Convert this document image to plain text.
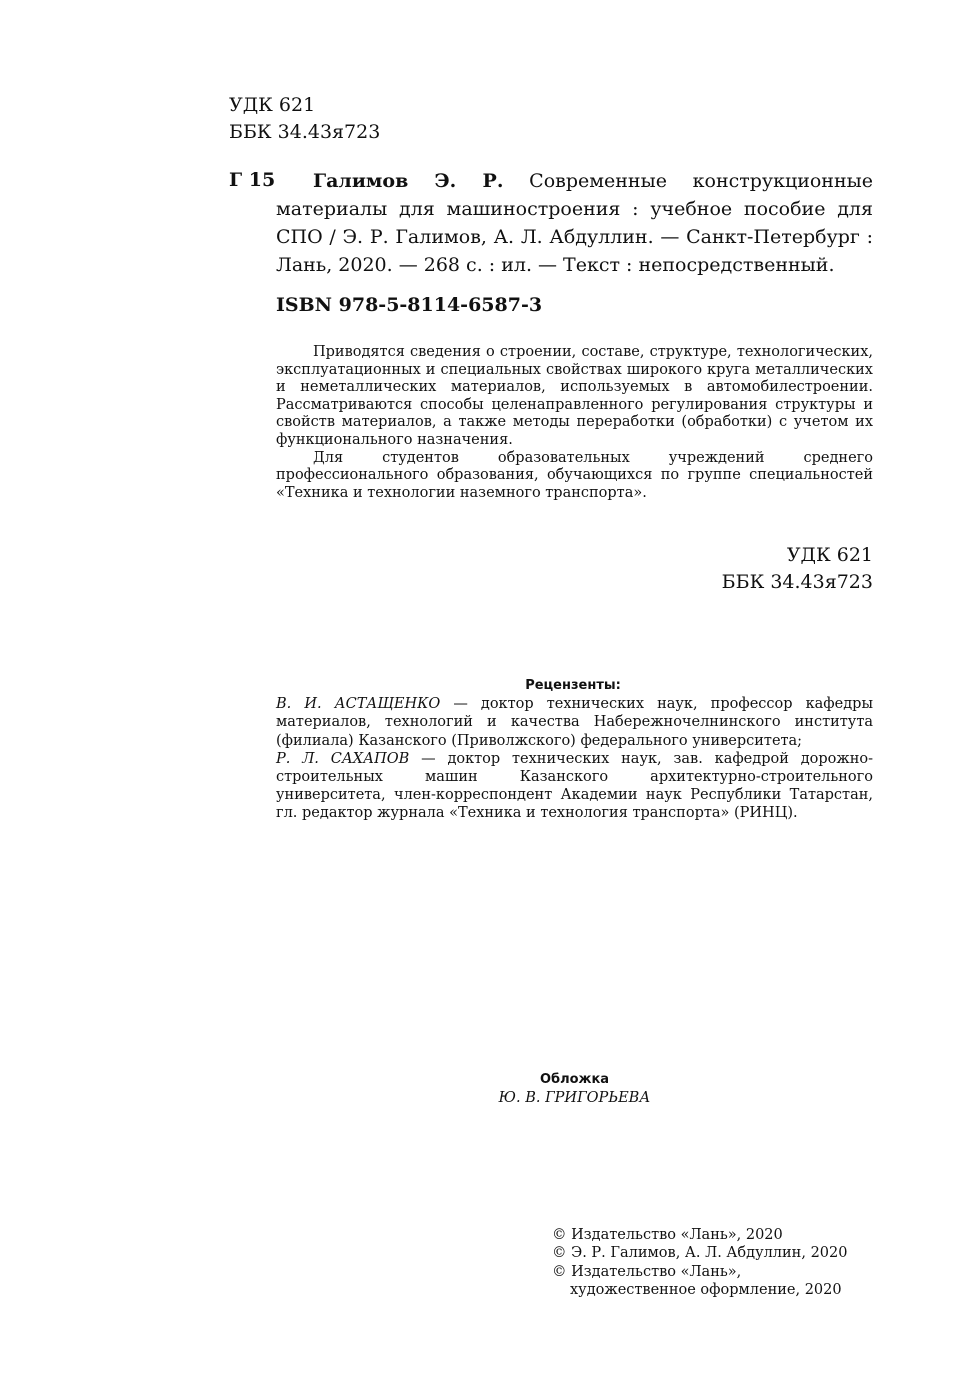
УДК 621
ББК 34.43я723
Г 15	Галимов Э. Р. Современные конструкционные материалы для машиностроения : учебное пособие для СПО / Э. Р. Галимов, А. Л. Абдуллин. — Санкт-Петербург : Лань, 2020. — 268 с. : ил. — Текст : непосредственный.
ISBN 978-5-8114-6587-3

Приводятся сведения о строении, составе, структуре, технологических, эксплуатационных и специальных свойствах широкого круга металлических и неметаллических материалов, используемых в автомобилестроении. Рассматриваются способы целенаправленного регулирования структуры и свойств материалов, а также методы переработки (обработки) с учетом их функционального назначения.

Для студентов образовательных учреждений среднего профессионального образования, обучающихся по группе специальностей «Техника и технологии наземного транспорта».

УДК 621
ББК 34.43я723
Рецензенты:

В. И. АСТАЩЕНКО — доктор технических наук, профессор кафедры материалов, технологий и качества Набережночелнинского института (филиала) Казанского (Приволжского) федерального университета;

Р. Л. САХАПОВ — доктор технических наук, зав. кафедрой дорожно-строительных машин Казанского архитектурно-строительного университета, член-корреспондент Академии наук Республики Татарстан, гл. редактор журнала «Техника и технология транспорта» (РИНЦ).

Обложка
Ю. В. ГРИГОРЬЕВА
© Издательство «Лань», 2020
© Э. Р. Галимов, А. Л. Абдуллин, 2020
© Издательство «Лань»,
художественное оформление, 2020
